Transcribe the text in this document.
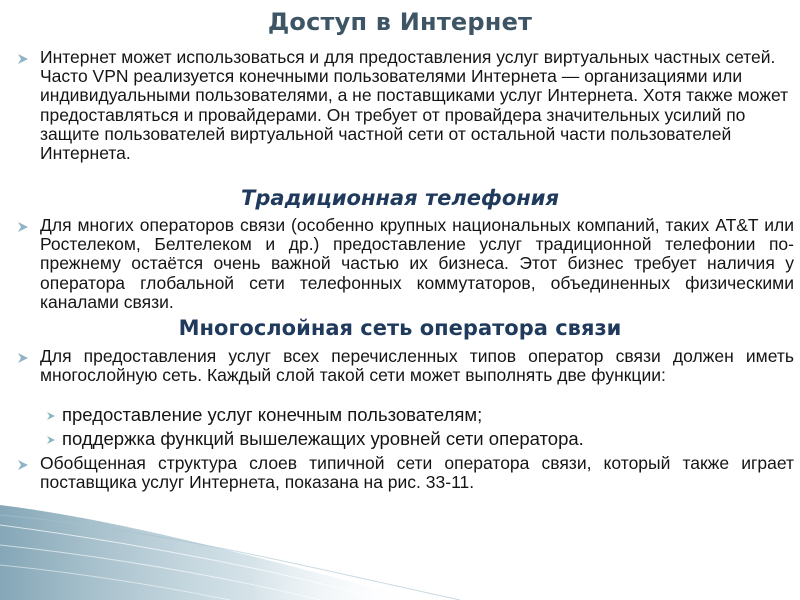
Доступ в Интернет
Интернет может использоваться и для предоставления услуг виртуальных частных сетей. Часто VPN реализуется конечными пользователями Интернета — организациями или индивидуальными пользователями, а не поставщиками услуг Интернета. Хотя также может предоставляться и провайдерами. Он требует от провайдера значительных усилий по защите пользователей виртуальной частной сети от остальной части пользователей Интернета.
Традиционная телефония
Для многих операторов связи (особенно крупных национальных компаний, таких AT&T или Ростелеком, Белтелеком и др.) предоставление услуг традиционной телефонии по-прежнему остаётся очень важной частью их бизнеса. Этот бизнес требует наличия у оператора глобальной сети телефонных коммутаторов, объединенных физическими каналами связи.
Многослойная сеть оператора связи
Для предоставления услуг всех перечисленных типов оператор связи должен иметь многослойную сеть. Каждый слой такой сети может выполнять две функции:
предоставление услуг конечным пользователям;
поддержка функций вышележащих уровней сети оператора.
Обобщенная структура слоев типичной сети оператора связи, который также играет поставщика услуг Интернета, показана на рис. 33-11.
